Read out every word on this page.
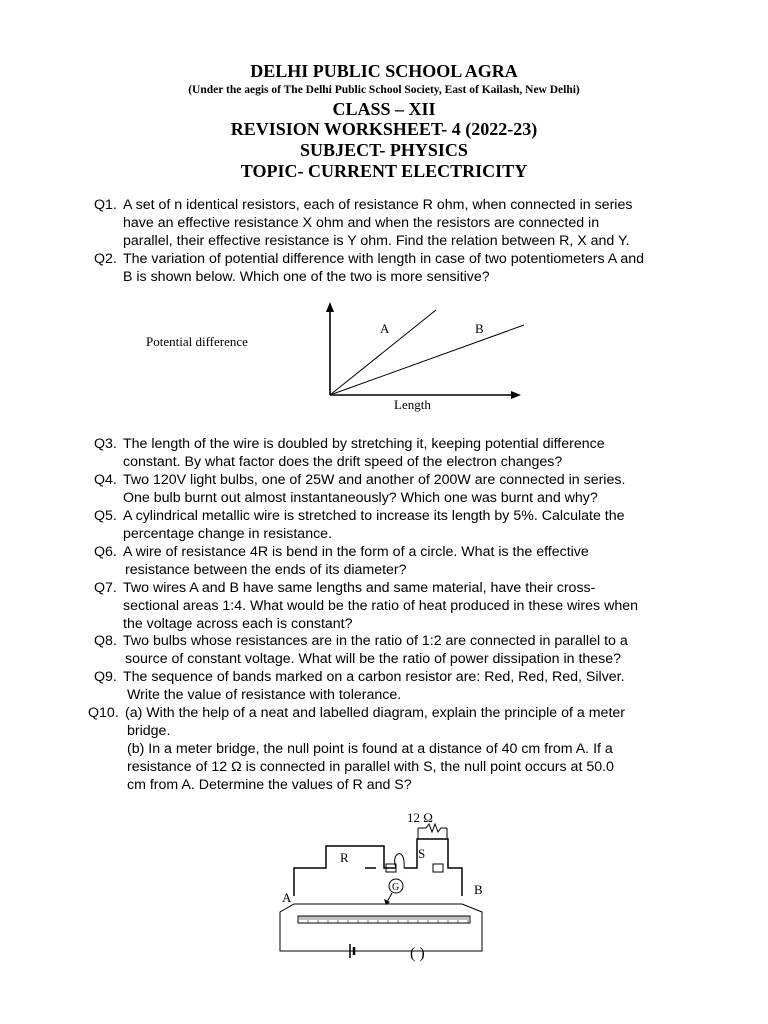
DELHI PUBLIC SCHOOL AGRA
(Under the aegis of The Delhi Public School Society, East of Kailash, New Delhi)
CLASS – XII
REVISION WORKSHEET- 4 (2022-23)
SUBJECT- PHYSICS
TOPIC- CURRENT ELECTRICITY
Q1. A set of n identical resistors, each of resistance R ohm, when connected in series
have an effective resistance X ohm and when the resistors are connected in
parallel, their effective resistance is Y ohm. Find the relation between R, X and Y.
Q2. The variation of potential difference with length in case of two potentiometers A and
B is shown below. Which one of the two is more sensitive?
Potential difference
Length
A	B
Q3. The length of the wire is doubled by stretching it, keeping potential difference
constant. By what factor does the drift speed of the electron changes?
Q4. Two 120V light bulbs, one of 25W and another of 200W are connected in series.
One bulb burnt out almost instantaneously? Which one was burnt and why?
Q5. A cylindrical metallic wire is stretched to increase its length by 5%. Calculate the
percentage change in resistance.
Q6. A wire of resistance 4R is bend in the form of a circle. What is the effective
resistance between the ends of its diameter?
Q7. Two wires A and B have same lengths and same material, have their cross-
sectional areas 1:4. What would be the ratio of heat produced in these wires when
the voltage across each is constant?
Q8. Two bulbs whose resistances are in the ratio of 1:2 are connected in parallel to a
source of constant voltage. What will be the ratio of power dissipation in these?
Q9. The sequence of bands marked on a carbon resistor are: Red, Red, Red, Silver.
Write the value of resistance with tolerance.
Q10. (a) With the help of a neat and labelled diagram, explain the principle of a meter
bridge.
(b) In a meter bridge, the null point is found at a distance of 40 cm from A. If a
resistance of 12 Ω is connected in parallel with S, the null point occurs at 50.0
cm from A. Determine the values of R and S?
12 Ω
R	S
G
A
B
( )
